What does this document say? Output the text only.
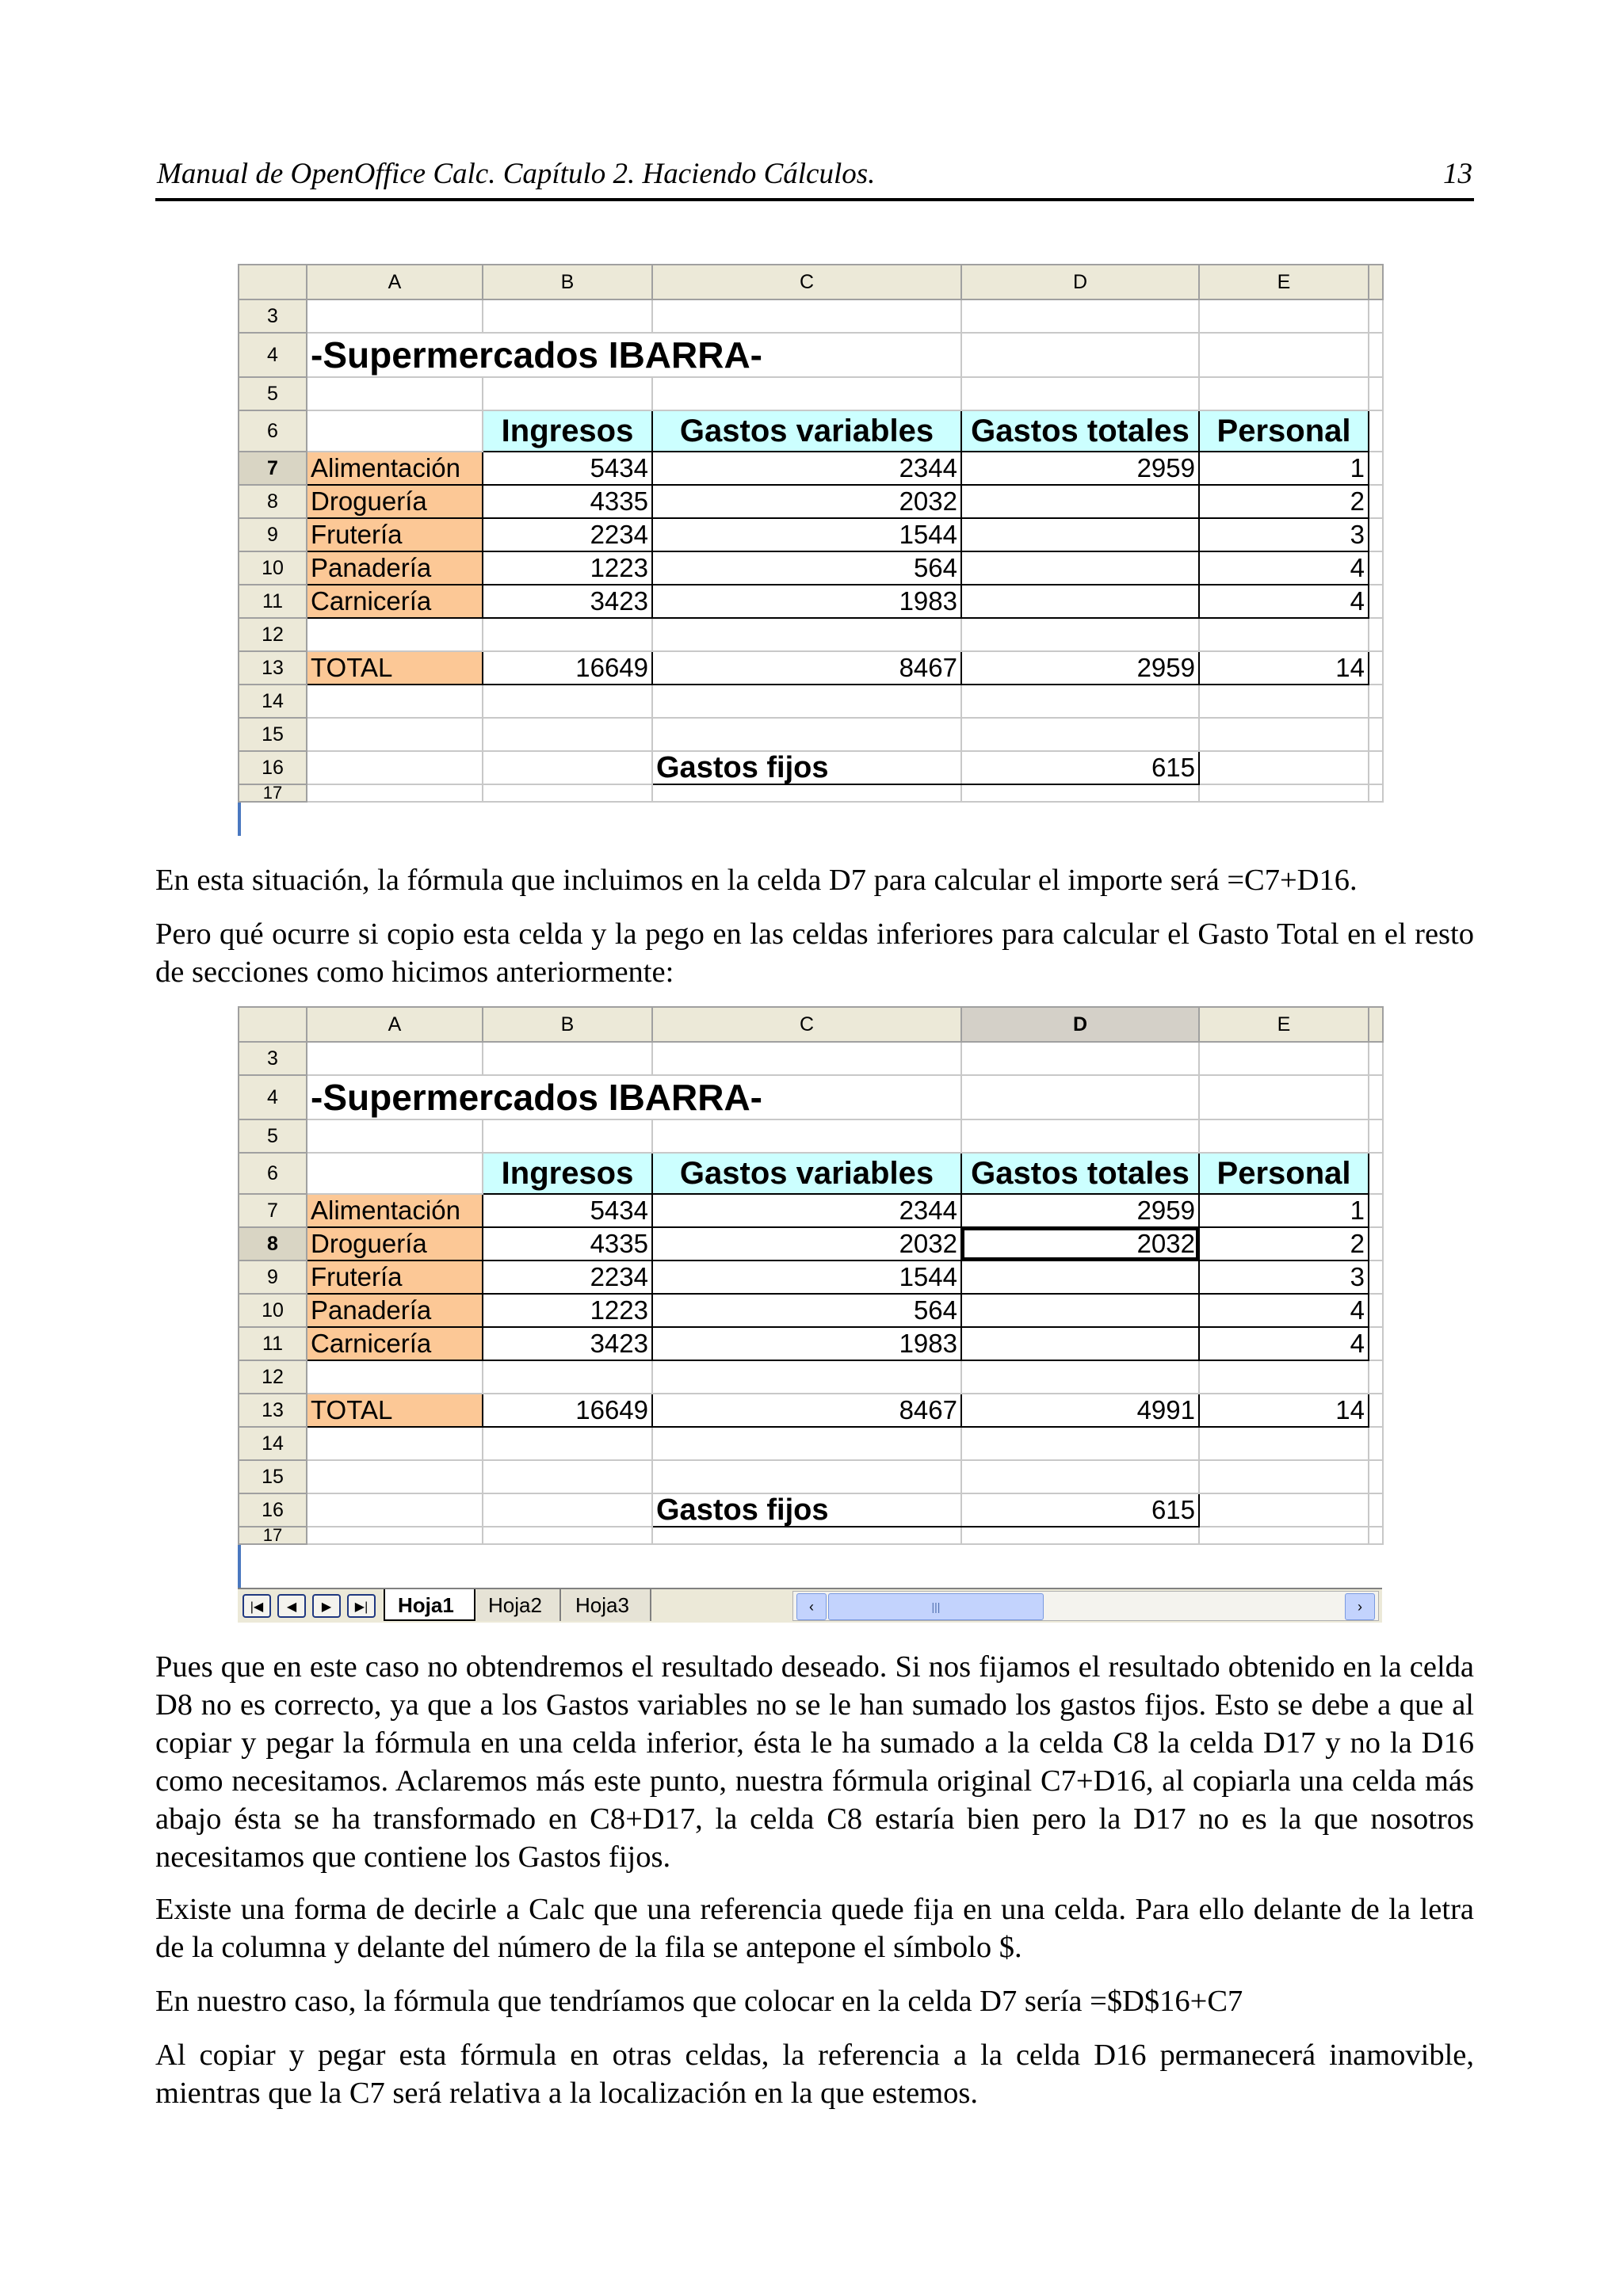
Manual de OpenOffice Calc. Capítulo 2. Haciendo Cálculos.	13
	A	B	C	D	E	
3						
4	-Supermercados IBARRA-					
5						
6		Ingresos	Gastos variables	Gastos totales	Personal	
7	Alimentación	5434	2344	2959	1	
8	Droguería	4335	2032		2	
9	Frutería	2234	1544		3	
10	Panadería	1223	564		4	
11	Carnicería	3423	1983		4	
12						
13	TOTAL	16649	8467	2959	14	
14						
15						
16			Gastos fijos	615		
17						

En esta situación, la fórmula que incluimos en la celda D7 para calcular el importe será =C7+D16.

Pero qué ocurre si copio esta celda y la pego en las celdas inferiores para calcular el Gasto Total en el resto de secciones como hicimos anteriormente:

	A	B	C	D	E	
3						
4	-Supermercados IBARRA-					
5						
6		Ingresos	Gastos variables	Gastos totales	Personal	
7	Alimentación	5434	2344	2959	1	
8	Droguería	4335	2032	2032	2	
9	Frutería	2234	1544		3	
10	Panadería	1223	564		4	
11	Carnicería	3423	1983		4	
12						
13	TOTAL	16649	8467	4991	14	
14						
15						
16			Gastos fijos	615		
17						
|◀	◀	▶	▶|	Hoja1	Hoja2	Hoja3	‹	|||	›

Pues que en este caso no obtendremos el resultado deseado. Si nos fijamos el resultado obtenido en la celda D8 no es correcto, ya que a los Gastos variables no se le han sumado los gastos fijos. Esto se debe a que al copiar y pegar la fórmula en una celda inferior, ésta le ha sumado a la celda C8 la celda D17 y no la D16 como necesitamos. Aclaremos más este punto, nuestra fórmula original C7+D16, al copiarla una celda más abajo ésta se ha transformado en C8+D17, la celda C8 estaría bien pero la D17 no es la que nosotros necesitamos que contiene los Gastos fijos.

Existe una forma de decirle a Calc que una referencia quede fija en una celda. Para ello delante de la letra de la columna y delante del número de la fila se antepone el símbolo $.

En nuestro caso, la fórmula que tendríamos que colocar en la celda D7 sería =$D$16+C7

Al copiar y pegar esta fórmula en otras celdas, la referencia a la celda D16 permanecerá inamovible, mientras que la C7 será relativa a la localización en la que estemos.
